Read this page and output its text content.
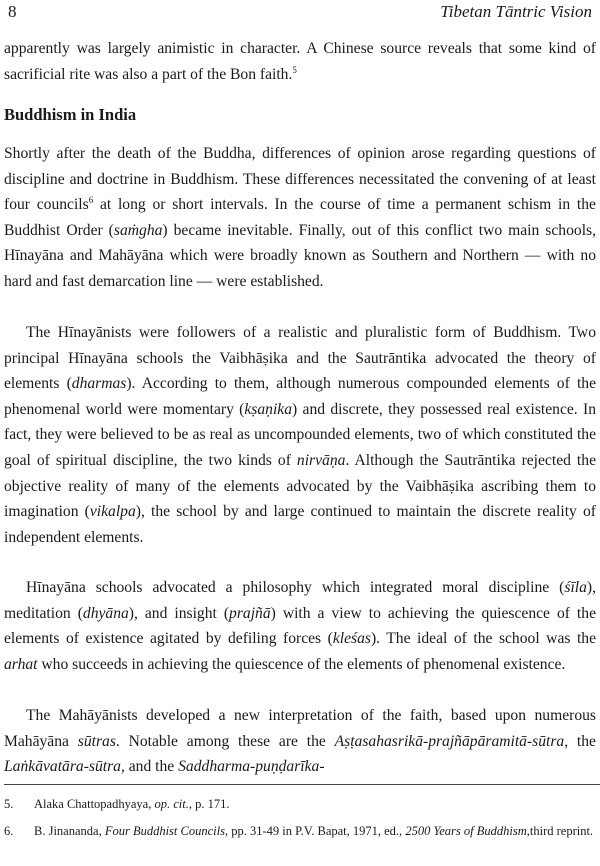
8	Tibetan Tāntric Vision

apparently was largely animistic in character. A Chinese source reveals that some kind of sacrificial rite was also a part of the Bon faith.$^5$

Buddhism in India

Shortly after the death of the Buddha, differences of opinion arose regarding questions of discipline and doctrine in Buddhism. These differences necessitated the convening of at least four councils$^6$ at long or short intervals. In the course of time a permanent schism in the Buddhist Order (saṁgha) became inevitable. Finally, out of this conflict two main schools, Hīnayāna and Mahāyāna which were broadly known as Southern and Northern — with no hard and fast demarcation line — were established.

The Hīnayānists were followers of a realistic and pluralistic form of Buddhism. Two principal Hīnayāna schools the Vaibhāṣika and the Sautrāntika advocated the theory of elements (dharmas). According to them, although numerous compounded elements of the phenomenal world were momentary (kṣaṇika) and discrete, they possessed real existence. In fact, they were believed to be as real as uncompounded elements, two of which constituted the goal of spiritual discipline, the two kinds of nirvāṇa. Although the Sautrāntika rejected the objective reality of many of the elements advocated by the Vaibhāṣika ascribing them to imagination (vikalpa), the school by and large continued to maintain the discrete reality of independent elements.

Hīnayāna schools advocated a philosophy which integrated moral discipline (śīla), meditation (dhyāna), and insight (prajñā) with a view to achieving the quiescence of the elements of existence agitated by defiling forces (kleśas). The ideal of the school was the arhat who succeeds in achieving the quiescence of the elements of phenomenal existence.

The Mahāyānists developed a new interpretation of the faith, based upon numerous Mahāyāna sūtras. Notable among these are the Aṣṭasahasrikā-prajñāpāramitā-sūtra, the Laṅkāvatāra-sūtra, and the Saddharma-puṇḍarīka-

5. Alaka Chattopadhyaya, op. cit., p. 171.
6. B. Jinananda, Four Buddhist Councils, pp. 31-49 in P.V. Bapat, 1971, ed., 2500 Years of Buddhism,third reprint.
